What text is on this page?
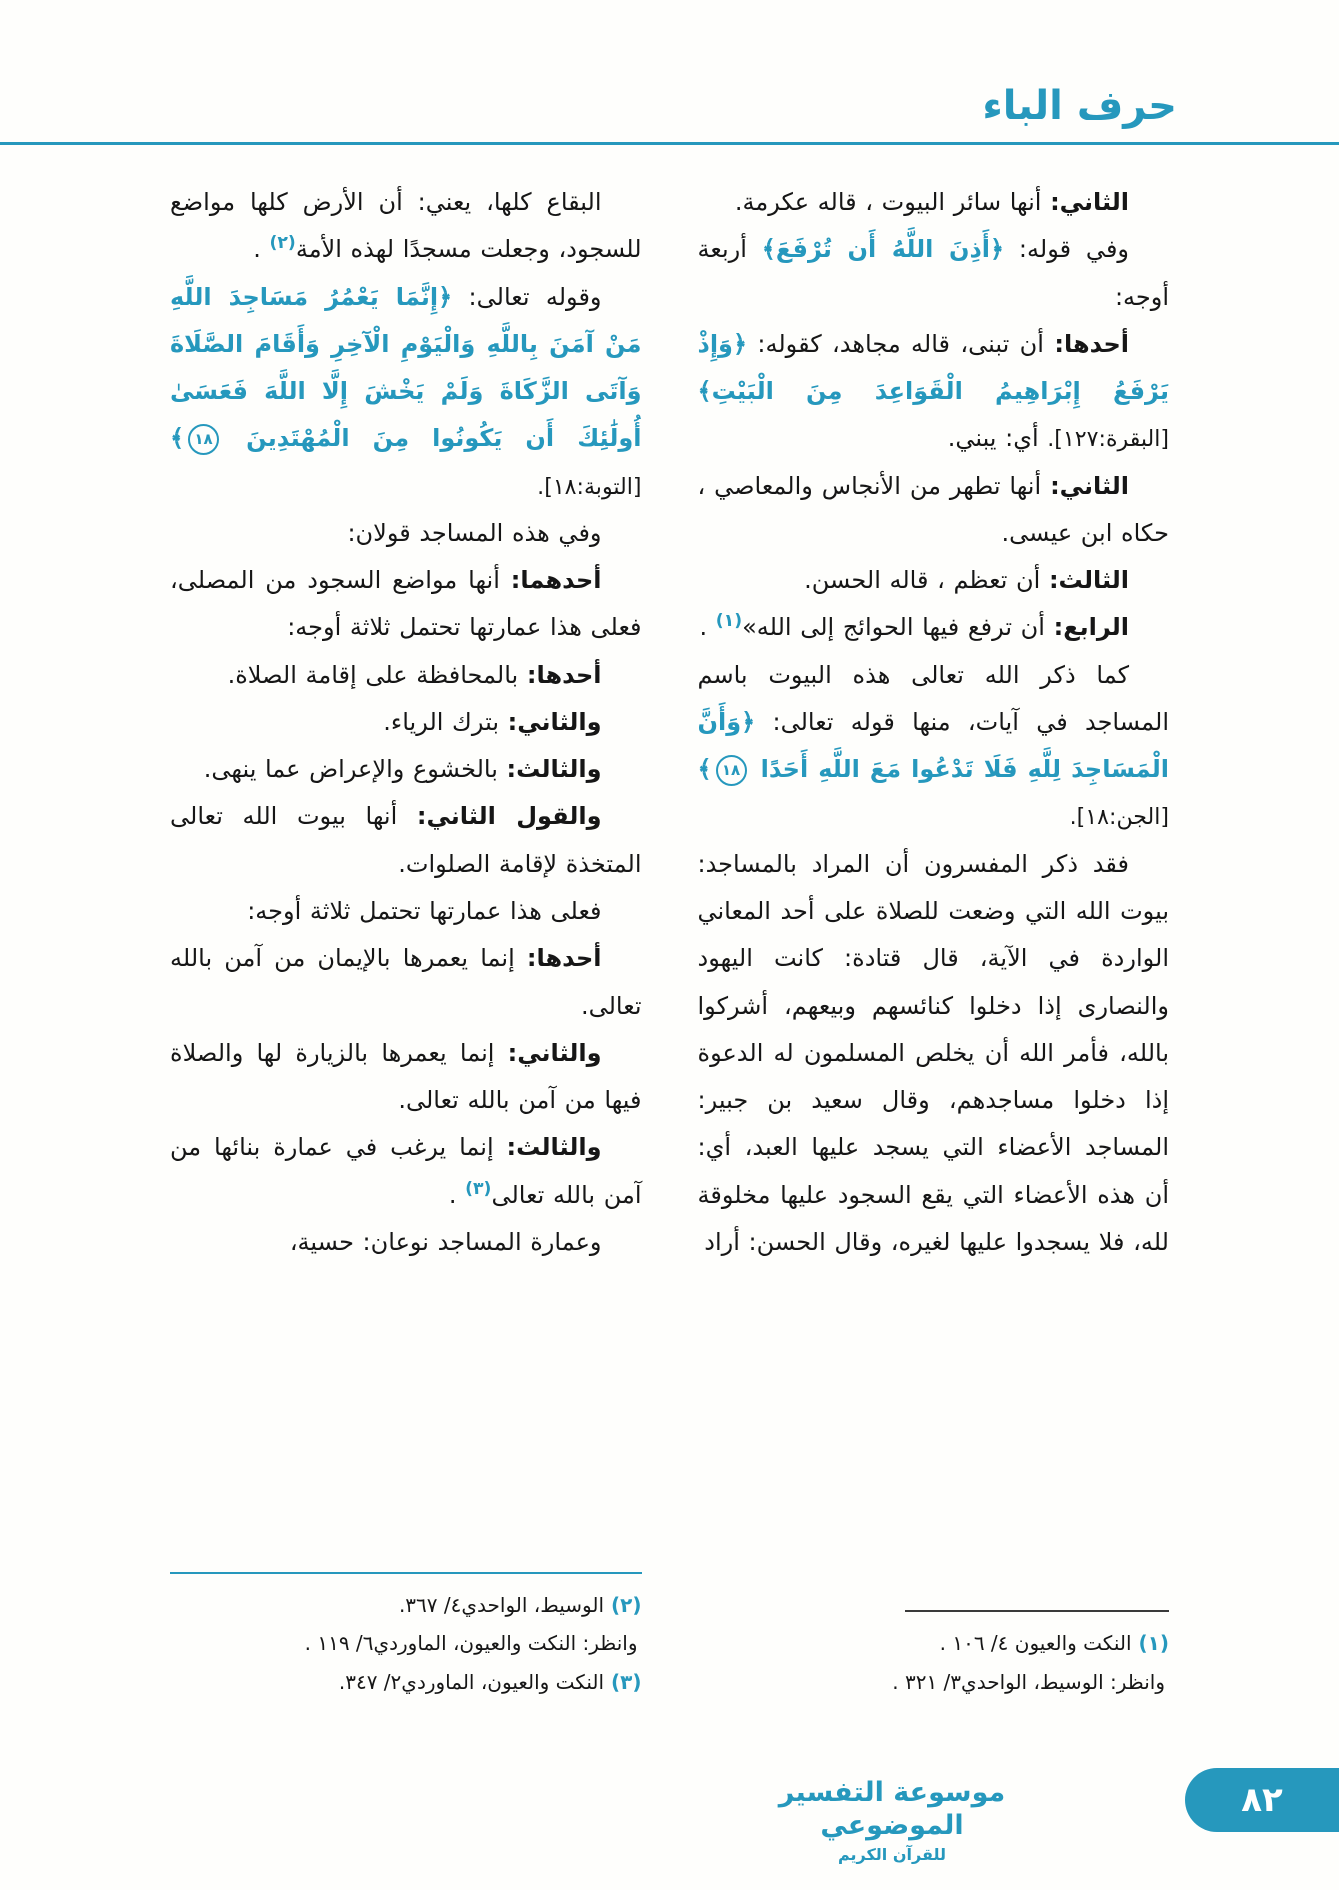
حرف الباء

الثاني: أنها سائر البيوت ، قاله عكرمة.

وفي قوله: ﴿أَذِنَ اللَّهُ أَن تُرْفَعَ﴾ أربعة أوجه:

أحدها: أن تبنى، قاله مجاهد، كقوله: ﴿وَإِذْ يَرْفَعُ إِبْرَاهِيمُ الْقَوَاعِدَ مِنَ الْبَيْتِ﴾ [البقرة:١٢٧]. أي: يبني.

الثاني: أنها تطهر من الأنجاس والمعاصي ، حكاه ابن عيسى.

الثالث: أن تعظم ، قاله الحسن.

الرابع: أن ترفع فيها الحوائج إلى الله»$^{(١)}$ .

كما ذكر الله تعالى هذه البيوت باسم المساجد في آيات، منها قوله تعالى: ﴿وَأَنَّ الْمَسَاجِدَ لِلَّهِ فَلَا تَدْعُوا مَعَ اللَّهِ أَحَدًا ١٨﴾ [الجن:١٨].

فقد ذكر المفسرون أن المراد بالمساجد: بيوت الله التي وضعت للصلاة على أحد المعاني الواردة في الآية، قال قتادة: كانت اليهود والنصارى إذا دخلوا كنائسهم وبيعهم، أشركوا بالله، فأمر الله أن يخلص المسلمون له الدعوة إذا دخلوا مساجدهم، وقال سعيد بن جبير: المساجد الأعضاء التي يسجد عليها العبد، أي: أن هذه الأعضاء التي يقع السجود عليها مخلوقة لله، فلا يسجدوا عليها لغيره، وقال الحسن: أراد

(١) النكت والعيون ٤/ ١٠٦ .
وانظر: الوسيط، الواحدي٣/ ٣٢١ .

البقاع كلها، يعني: أن الأرض كلها مواضع للسجود، وجعلت مسجدًا لهذه الأمة$^{(٢)}$ .

وقوله تعالى: ﴿إِنَّمَا يَعْمُرُ مَسَاجِدَ اللَّهِ مَنْ آمَنَ بِاللَّهِ وَالْيَوْمِ الْآخِرِ وَأَقَامَ الصَّلَاةَ وَآتَى الزَّكَاةَ وَلَمْ يَخْشَ إِلَّا اللَّهَ فَعَسَىٰ أُولَٰئِكَ أَن يَكُونُوا مِنَ الْمُهْتَدِينَ ١٨﴾ [التوبة:١٨].

وفي هذه المساجد قولان:

أحدهما: أنها مواضع السجود من المصلى، فعلى هذا عمارتها تحتمل ثلاثة أوجه:

أحدها: بالمحافظة على إقامة الصلاة.

والثاني: بترك الرياء.

والثالث: بالخشوع والإعراض عما ينهى.

والقول الثاني: أنها بيوت الله تعالى المتخذة لإقامة الصلوات.

فعلى هذا عمارتها تحتمل ثلاثة أوجه:

أحدها: إنما يعمرها بالإيمان من آمن بالله تعالى.

والثاني: إنما يعمرها بالزيارة لها والصلاة فيها من آمن بالله تعالى.

والثالث: إنما يرغب في عمارة بنائها من آمن بالله تعالى$^{(٣)}$ .

وعمارة المساجد نوعان: حسية،

(٢) الوسيط، الواحدي٤/ ٣٦٧.
وانظر: النكت والعيون، الماوردي٦/ ١١٩ .
(٣) النكت والعيون، الماوردي٢/ ٣٤٧.
موسوعة التفسير الموضوعي
للقرآن الكريم
٨٢
